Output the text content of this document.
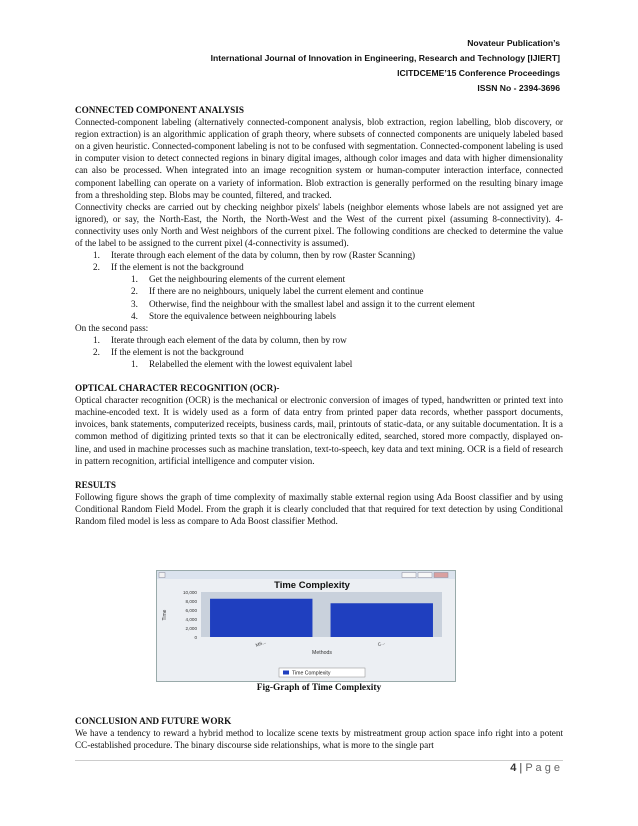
Novateur Publication’s
International Journal of Innovation in Engineering, Research and Technology [IJIERT]
ICITDCEME’15 Conference Proceedings
ISSN No - 2394-3696
CONNECTED COMPONENT ANALYSIS
Connected-component labeling (alternatively connected-component analysis, blob extraction, region labelling, blob discovery, or region extraction) is an algorithmic application of graph theory, where subsets of connected components are uniquely labeled based on a given heuristic. Connected-component labeling is not to be confused with segmentation. Connected-component labeling is used in computer vision to detect connected regions in binary digital images, although color images and data with higher dimensionality can also be processed. When integrated into an image recognition system or human-computer interaction interface, connected component labelling can operate on a variety of information. Blob extraction is generally performed on the resulting binary image from a thresholding step. Blobs may be counted, filtered, and tracked.
Connectivity checks are carried out by checking neighbor pixels' labels (neighbor elements whose labels are not assigned yet are ignored), or say, the North-East, the North, the North-West and the West of the current pixel (assuming 8-connectivity). 4-connectivity uses only North and West neighbors of the current pixel. The following conditions are checked to determine the value of the label to be assigned to the current pixel (4-connectivity is assumed).
1. Iterate through each element of the data by column, then by row (Raster Scanning)
2. If the element is not the background
1. Get the neighbouring elements of the current element
2. If there are no neighbours, uniquely label the current element and continue
3. Otherwise, find the neighbour with the smallest label and assign it to the current element
4. Store the equivalence between neighbouring labels
On the second pass:
1. Iterate through each element of the data by column, then by row
2. If the element is not the background
1. Relabelled the element with the lowest equivalent label
OPTICAL CHARACTER RECOGNITION (OCR)-
Optical character recognition (OCR) is the mechanical or electronic conversion of images of typed, handwritten or printed text into machine-encoded text. It is widely used as a form of data entry from printed paper data records, whether passport documents, invoices, bank statements, computerized receipts, business cards, mail, printouts of static-data, or any suitable documentation. It is a common method of digitizing printed texts so that it can be electronically edited, searched, stored more compactly, displayed on-line, and used in machine processes such as machine translation, text-to-speech, key data and text mining. OCR is a field of research in pattern recognition, artificial intelligence and computer vision.
RESULTS
Following figure shows the graph of time complexity of maximally stable external region using Ada Boost classifier and by using Conditional Random Field Model. From the graph it is clearly concluded that that required for text detection by using Conditional Random filed model is less as compare to Ada Boost classifier Method.
Time Complexity
Time
10,000
8,000
6,000
4,000
2,000
0
MS...	C...
Methods
Time Complexity
Fig-Graph of Time Complexity
CONCLUSION AND FUTURE WORK
We have a tendency to reward a hybrid method to localize scene texts by mistreatment group action space info right into a potent CC-established procedure. The binary discourse side relationships, what is more to the single part
4 | P a g e
